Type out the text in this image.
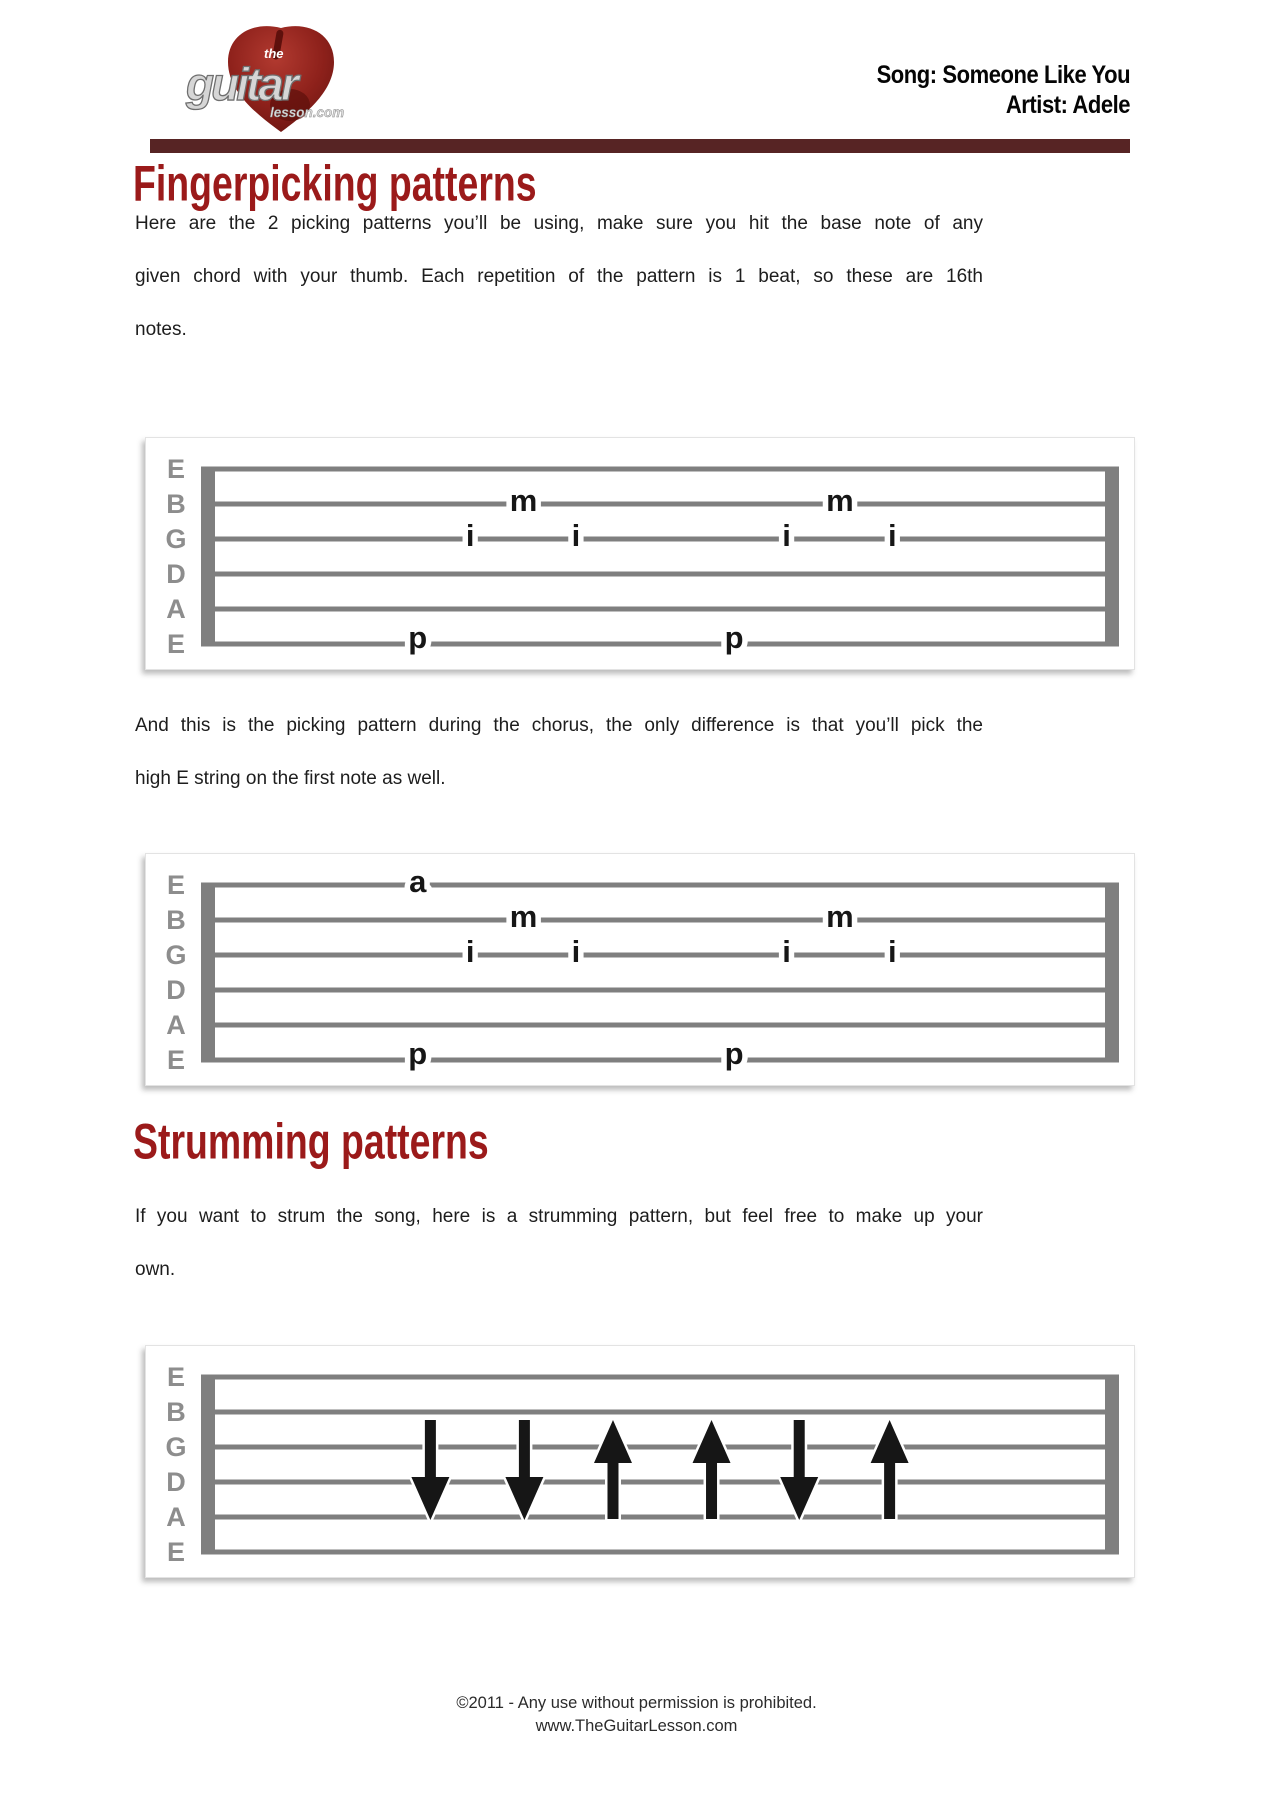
the
guitar
lesson.com
Song: Someone Like You
Artist: Adele
Fingerpicking patterns
Here are the 2 picking patterns you’ll be using, make sure you hit the base note of any
given chord with your thumb. Each repetition of the pattern is 1 beat, so these are 16th
notes.
E
B
G
D
A
E	p
i
m
i
p
i
m
i
And this is the picking pattern during the chorus, the only difference is that you’ll pick the
high E string on the first note as well.
E
B
G
D
A
E
a
p
i
m
i
p
i
m
i
Strumming patterns
If you want to strum the song, here is a strumming pattern, but feel free to make up your
own.
E
B
G
D
A
E
©2011 - Any use without permission is prohibited.
www.TheGuitarLesson.com
